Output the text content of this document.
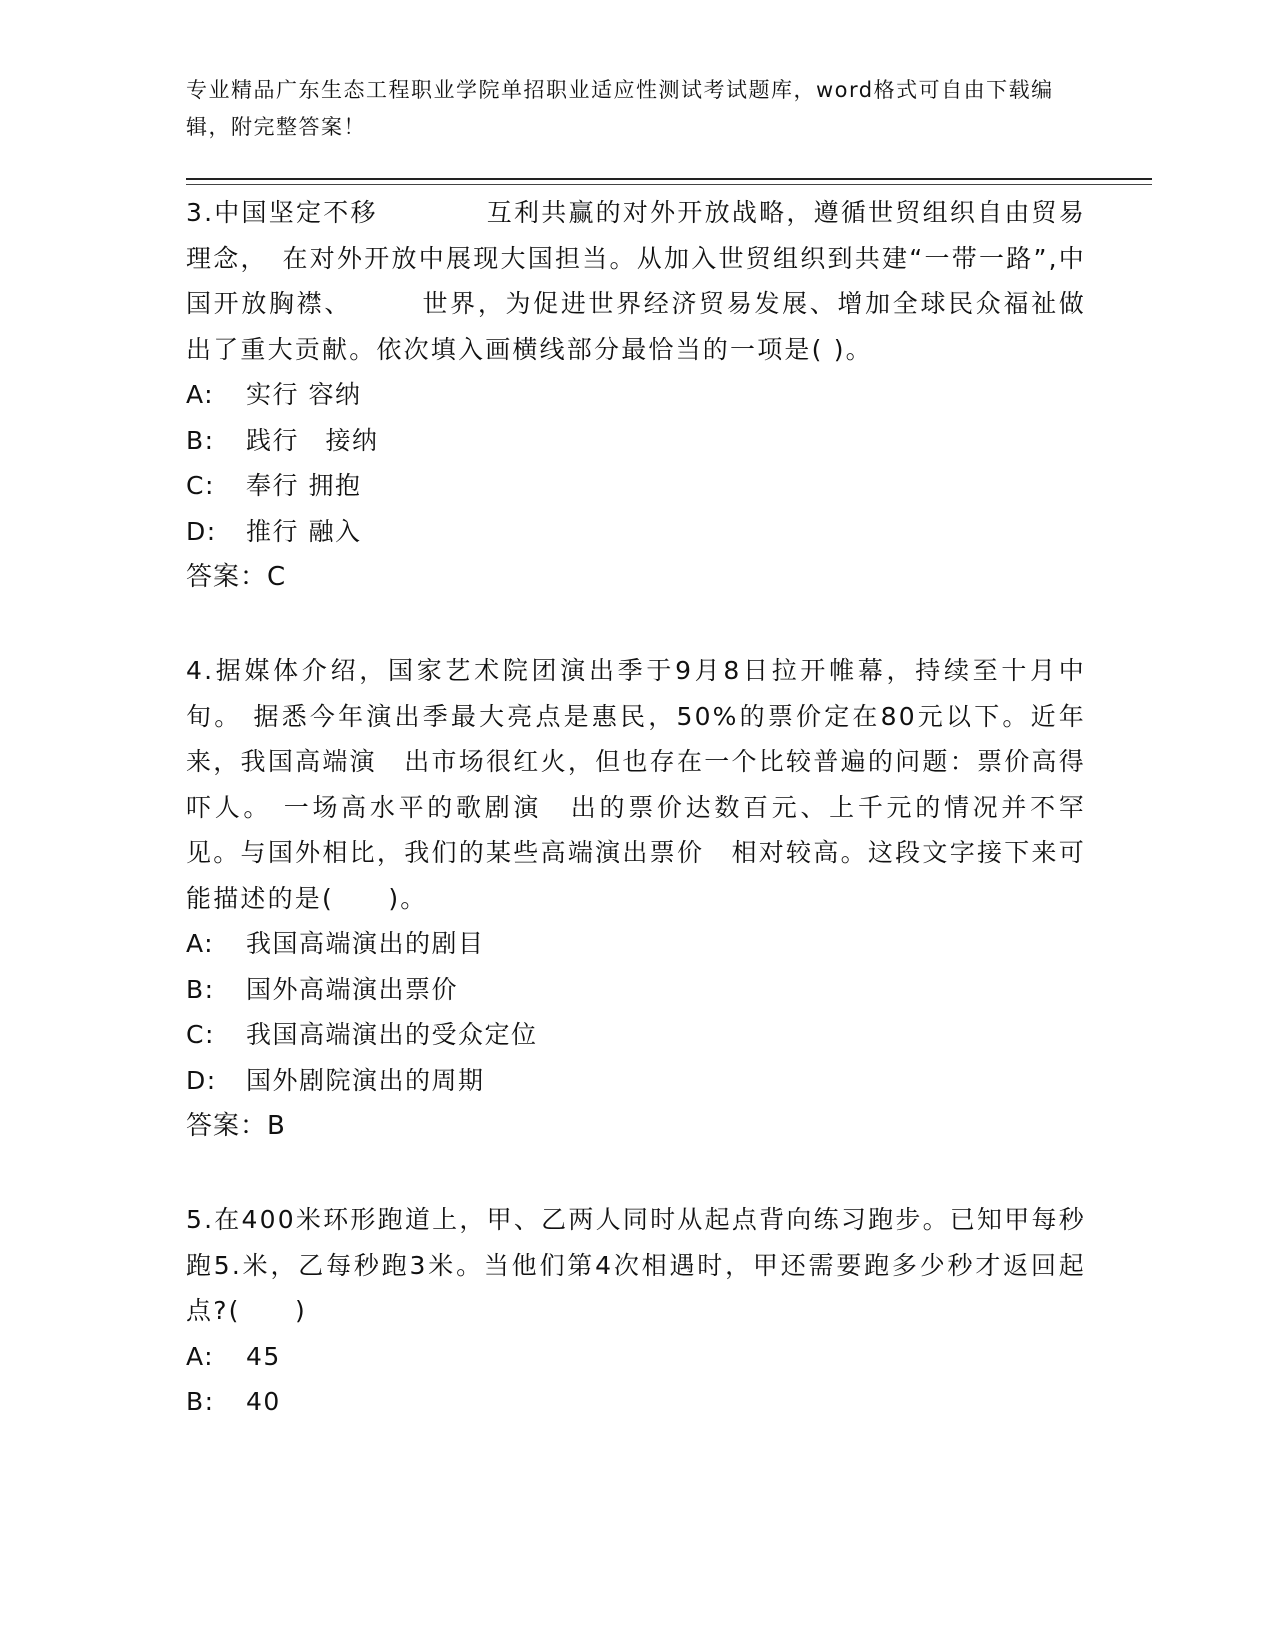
专业精品广东生态工程职业学院单招职业适应性测试考试题库，word格式可自由下载编辑，附完整答案！
3.中国坚定不移　　　　互利共赢的对外开放战略，遵循世贸组织自由贸易理念，　在对外开放中展现大国担当。从加入世贸组织到共建“一带一路”,中国开放胸襟、　　　世界，为促进世界经济贸易发展、增加全球民众福祉做出了重大贡献。依次填入画横线部分最恰当的一项是( )。
A:	实行 容纳
B:	践行　接纳
C:	奉行 拥抱
D:	推行 融入
答案：C
4.据媒体介绍，国家艺术院团演出季于9月8日拉开帷幕，持续至十月中旬。 据悉今年演出季最大亮点是惠民，50%的票价定在80元以下。近年来，我国高端演　出市场很红火，但也存在一个比较普遍的问题：票价高得吓人。 一场高水平的歌剧演　出的票价达数百元、上千元的情况并不罕见。与国外相比，我们的某些高端演出票价　相对较高。这段文字接下来可能描述的是(　　)。
A:	我国高端演出的剧目
B:	国外高端演出票价
C:	我国高端演出的受众定位
D:	国外剧院演出的周期
答案：B
5.在400米环形跑道上，甲、乙两人同时从起点背向练习跑步。已知甲每秒跑5.米，乙每秒跑3米。当他们第4次相遇时，甲还需要跑多少秒才返回起点?(　　)
A:	45
B:	40
